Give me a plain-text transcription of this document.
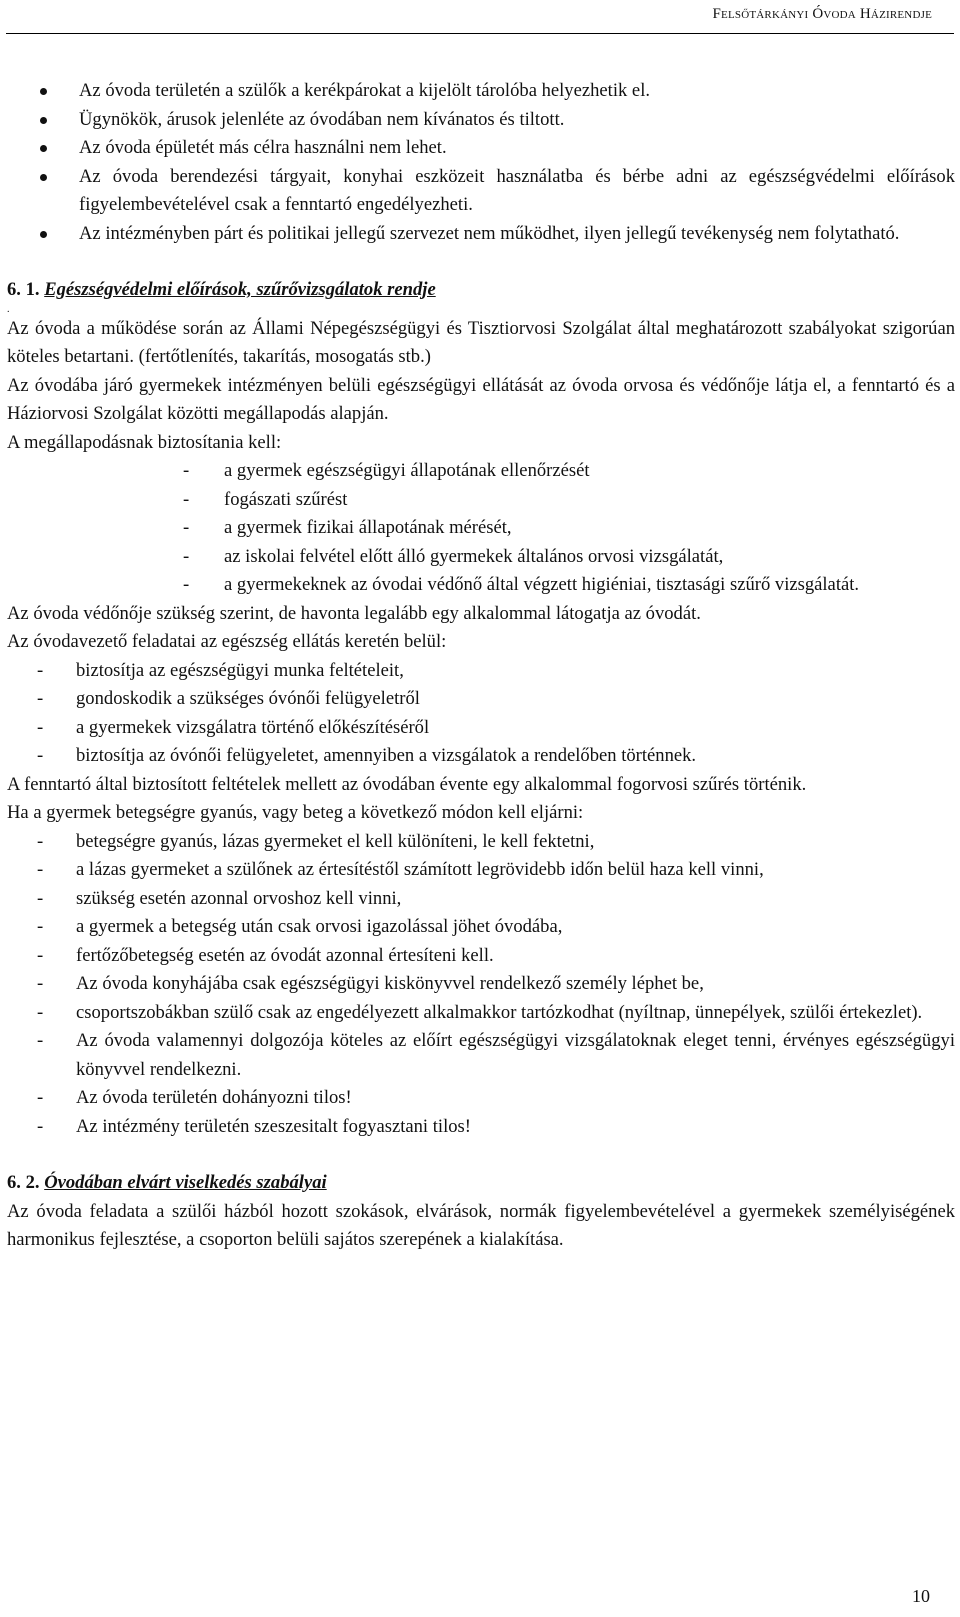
Felsőtárkányi Óvoda Házirendje
Az óvoda területén a szülők a kerékpárokat a kijelölt tárolóba helyezhetik el.
Ügynökök, árusok jelenléte az óvodában nem kívánatos és tiltott.
Az óvoda épületét más célra használni nem lehet.
Az óvoda berendezési tárgyait, konyhai eszközeit használatba és bérbe adni az egészségvédelmi előírások figyelembevételével csak a fenntartó engedélyezheti.
Az intézményben párt és politikai jellegű szervezet nem működhet, ilyen jellegű tevékenység nem folytatható.
6. 1. Egészségvédelmi előírások, szűrővizsgálatok rendje
.

Az óvoda a működése során az Állami Népegészségügyi és Tisztiorvosi Szolgálat által meghatározott szabályokat szigorúan köteles betartani. (fertőtlenítés, takarítás, mosogatás stb.)

Az óvodába járó gyermekek intézményen belüli egészségügyi ellátását az óvoda orvosa és védőnője látja el, a fenntartó és a Háziorvosi Szolgálat közötti megállapodás alapján.

A megállapodásnak biztosítania kell:

- a gyermek egészségügyi állapotának ellenőrzését
- fogászati szűrést
- a gyermek fizikai állapotának mérését,
- az iskolai felvétel előtt álló gyermekek általános orvosi vizsgálatát,
- a gyermekeknek az óvodai védőnő által végzett higiéniai, tisztasági szűrő vizsgálatát.

Az óvoda védőnője szükség szerint, de havonta legalább egy alkalommal látogatja az óvodát.

Az óvodavezető feladatai az egészség ellátás keretén belül:

- biztosítja az egészségügyi munka feltételeit,
- gondoskodik a szükséges óvónői felügyeletről
- a gyermekek vizsgálatra történő előkészítéséről
- biztosítja az óvónői felügyeletet, amennyiben a vizsgálatok a rendelőben történnek.

A fenntartó által biztosított feltételek mellett az óvodában évente egy alkalommal fogorvosi szűrés történik.

Ha a gyermek betegségre gyanús, vagy beteg a következő módon kell eljárni:

- betegségre gyanús, lázas gyermeket el kell különíteni, le kell fektetni,
- a lázas gyermeket a szülőnek az értesítéstől számított legrövidebb időn belül haza kell vinni,
- szükség esetén azonnal orvoshoz kell vinni,
- a gyermek a betegség után csak orvosi igazolással jöhet óvodába,
- fertőzőbetegség esetén az óvodát azonnal értesíteni kell.
- Az óvoda konyhájába csak egészségügyi kiskönyvvel rendelkező személy léphet be,
- csoportszobákban szülő csak az engedélyezett alkalmakkor tartózkodhat (nyíltnap, ünnepélyek, szülői értekezlet).
- Az óvoda valamennyi dolgozója köteles az előírt egészségügyi vizsgálatoknak eleget tenni, érvényes egészségügyi könyvvel rendelkezni.
- Az óvoda területén dohányozni tilos!
- Az intézmény területén szeszesitalt fogyasztani tilos!
6. 2. Óvodában elvárt viselkedés szabályai

Az óvoda feladata a szülői házból hozott szokások, elvárások, normák figyelembevételével a gyermekek személyiségének harmonikus fejlesztése, a csoporton belüli sajátos szerepének a kialakítása.

10
